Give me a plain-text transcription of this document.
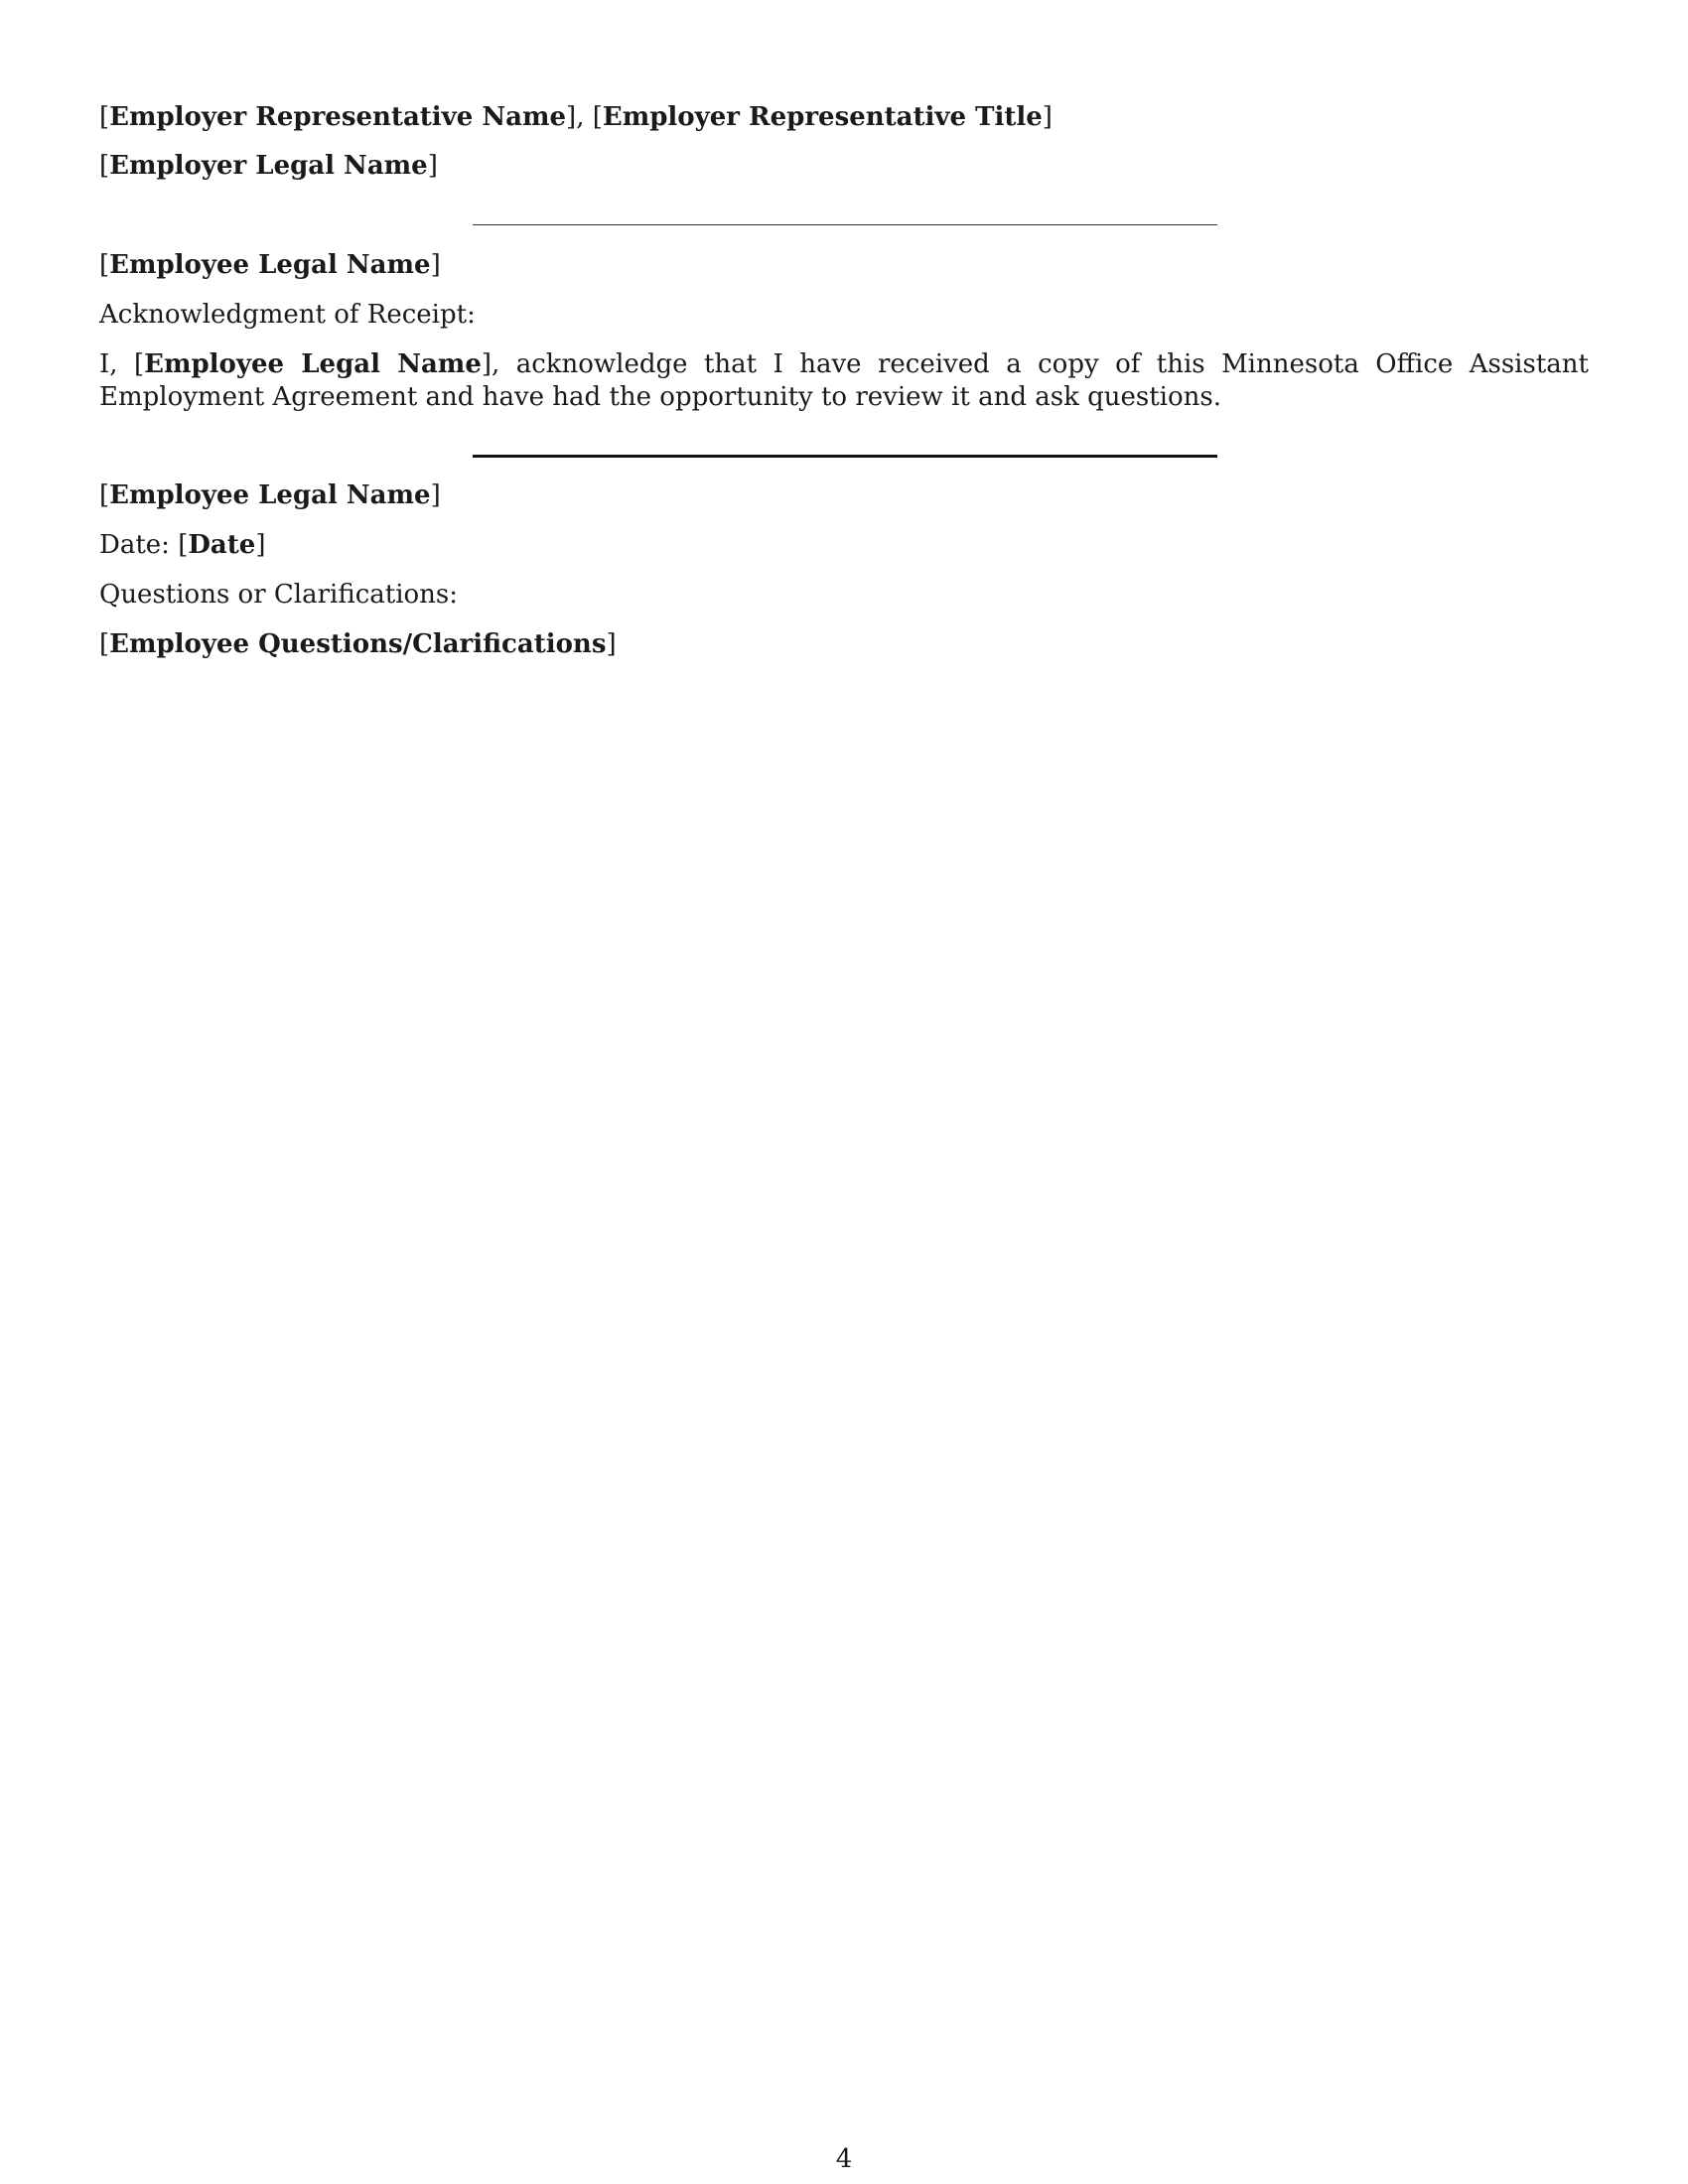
[Employer Representative Name], [Employer Representative Title]
[Employer Legal Name]
[Employee Legal Name]
Acknowledgment of Receipt:
I, [Employee Legal Name], acknowledge that I have received a copy of this Minnesota Office Assistant Employment Agreement and have had the opportunity to review it and ask questions.
[Employee Legal Name]
Date: [Date]
Questions or Clarifications:
[Employee Questions/Clarifications]
4
